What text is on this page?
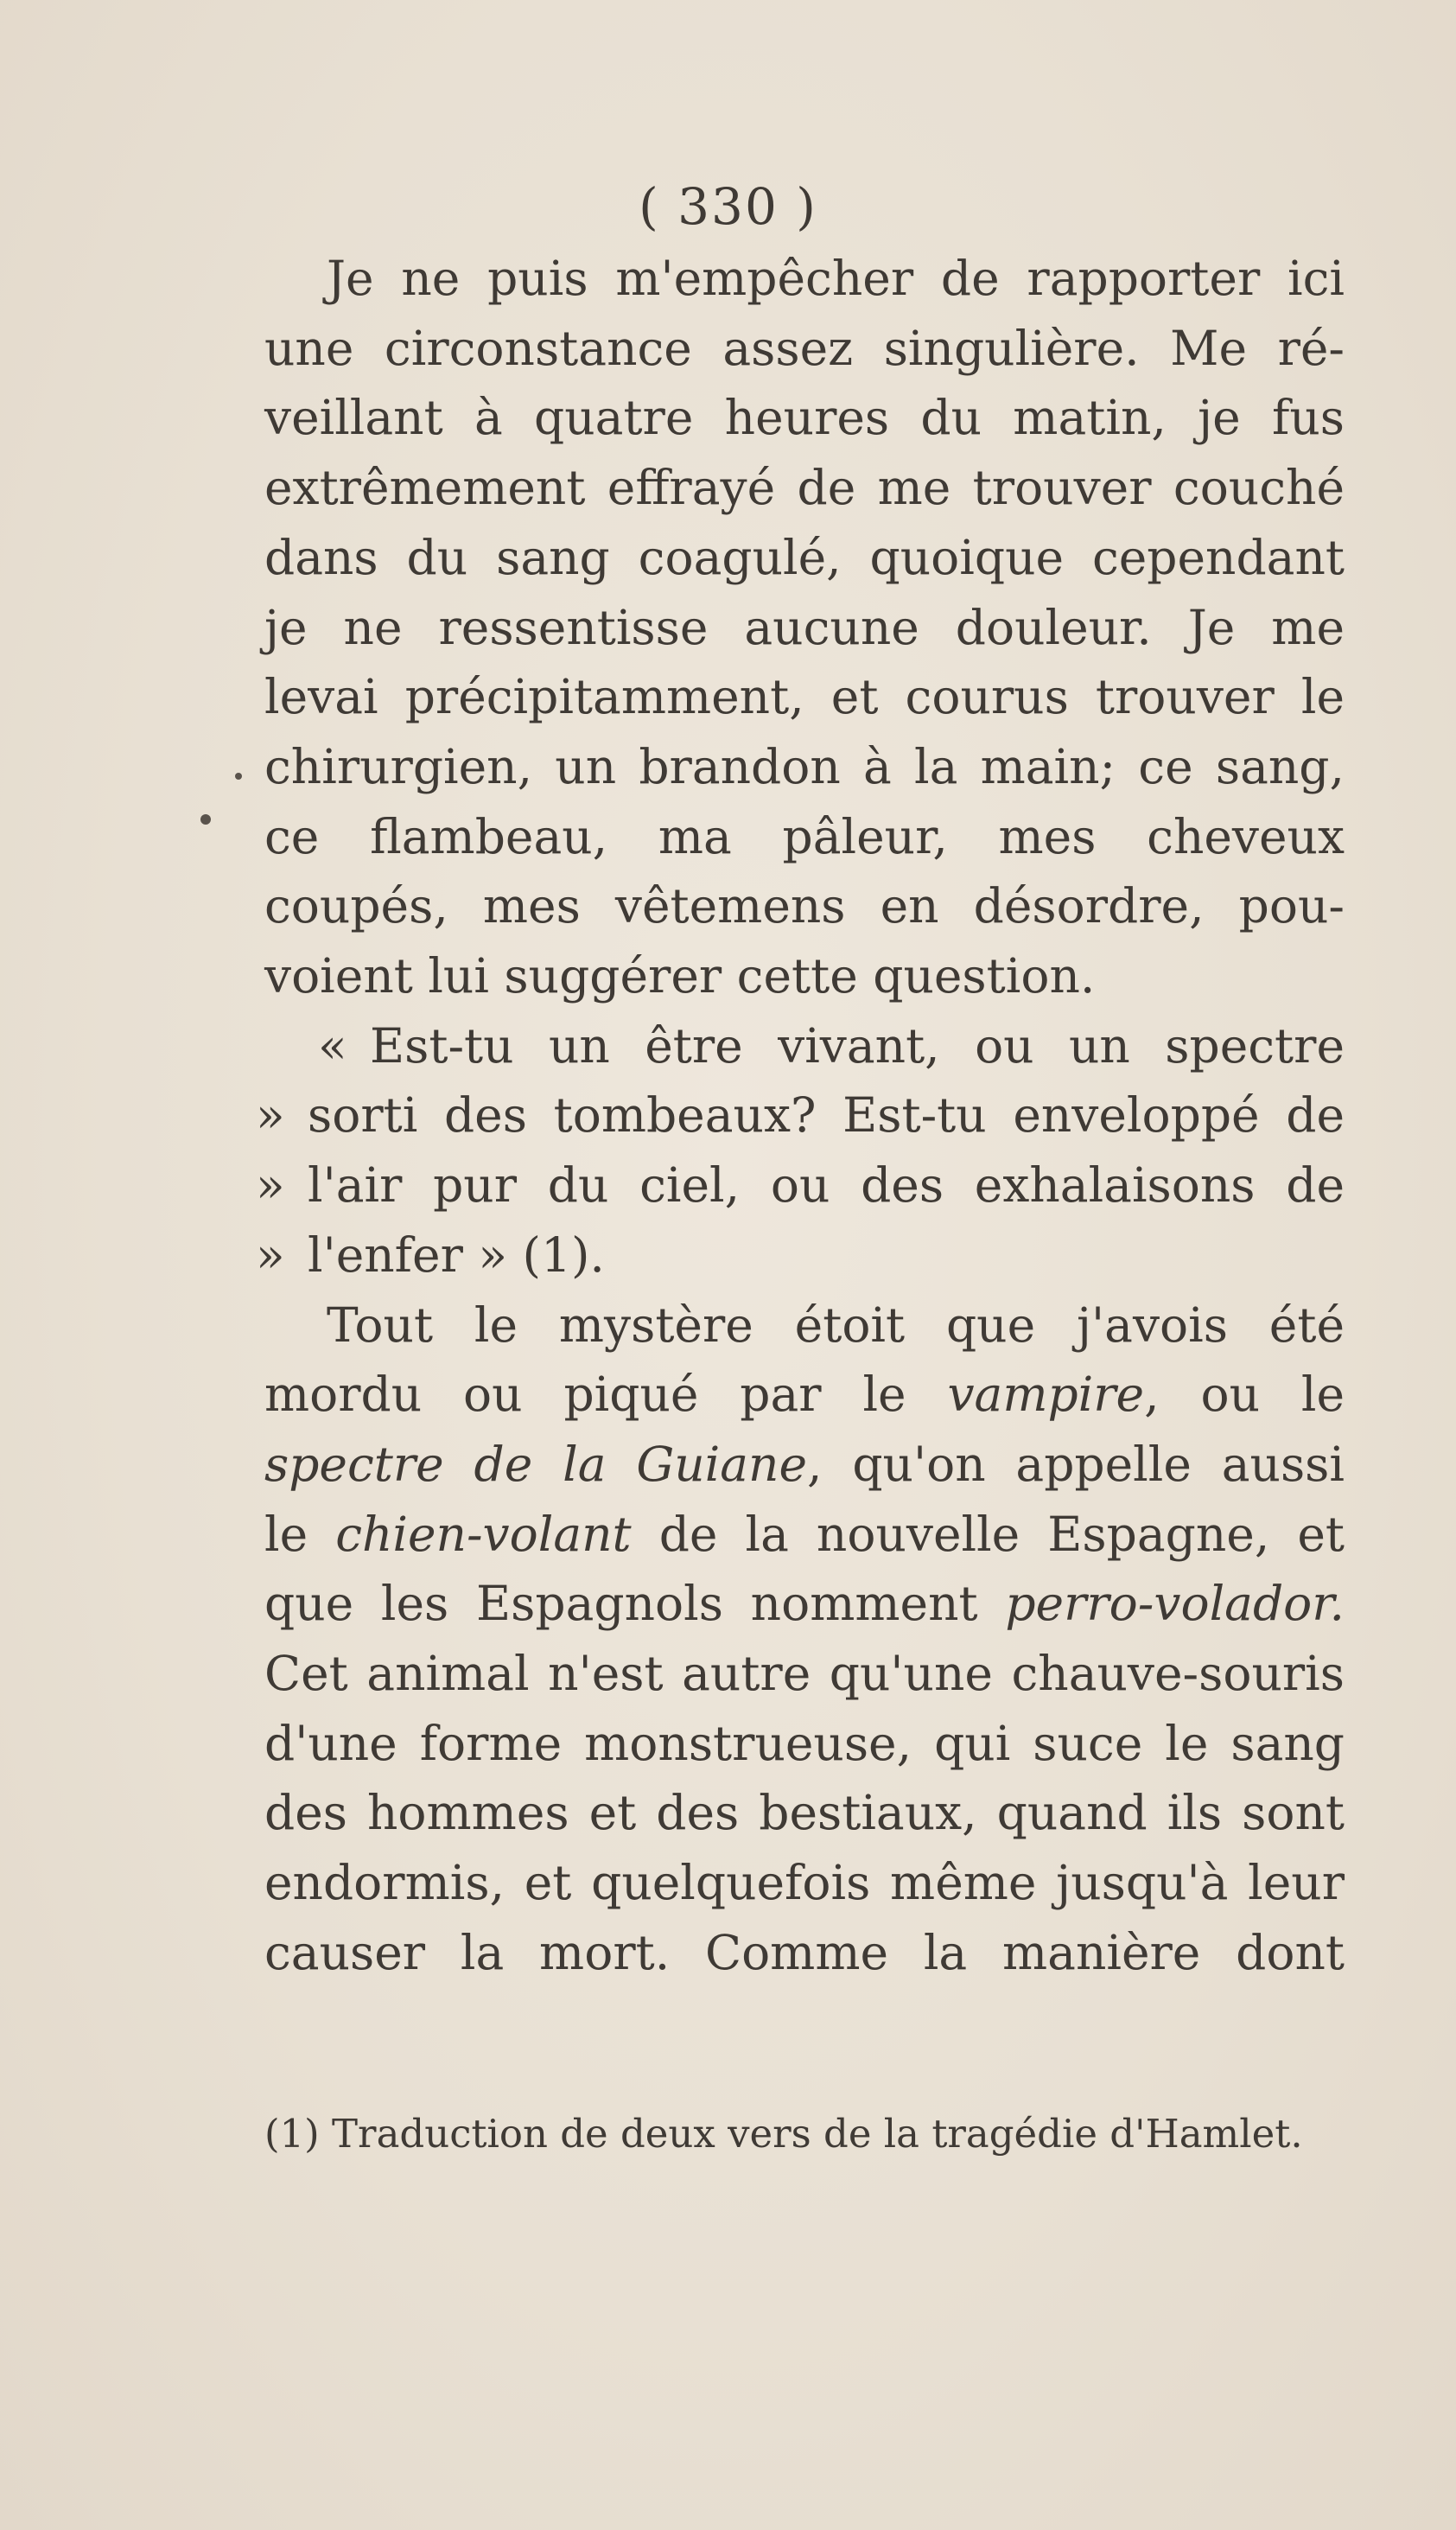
( 330 )
Je ne puis m'empêcher de rapporter ici
une circonstance assez singulière. Me ré-
veillant à quatre heures du matin, je fus
extrêmement effrayé de me trouver couché
dans du sang coagulé, quoique cependant
je ne ressentisse aucune douleur. Je me
levai précipitamment, et courus trouver le
chirurgien, un brandon à la main; ce sang,
ce flambeau, ma pâleur, mes cheveux
coupés, mes vêtemens en désordre, pou-
voient lui suggérer cette question.
« Est-tu un être vivant, ou un spectre
» sorti des tombeaux? Est-tu enveloppé de
» l'air pur du ciel, ou des exhalaisons de
» l'enfer » (1).
Tout le mystère étoit que j'avois été
mordu ou piqué par le vampire, ou le
spectre de la Guiane, qu'on appelle aussi
le chien-volant de la nouvelle Espagne, et
que les Espagnols nomment perro-volador.
Cet animal n'est autre qu'une chauve-souris
d'une forme monstrueuse, qui suce le sang
des hommes et des bestiaux, quand ils sont
endormis, et quelquefois même jusqu'à leur
causer la mort. Comme la manière dont
(1) Traduction de deux vers de la tragédie d'Hamlet.
